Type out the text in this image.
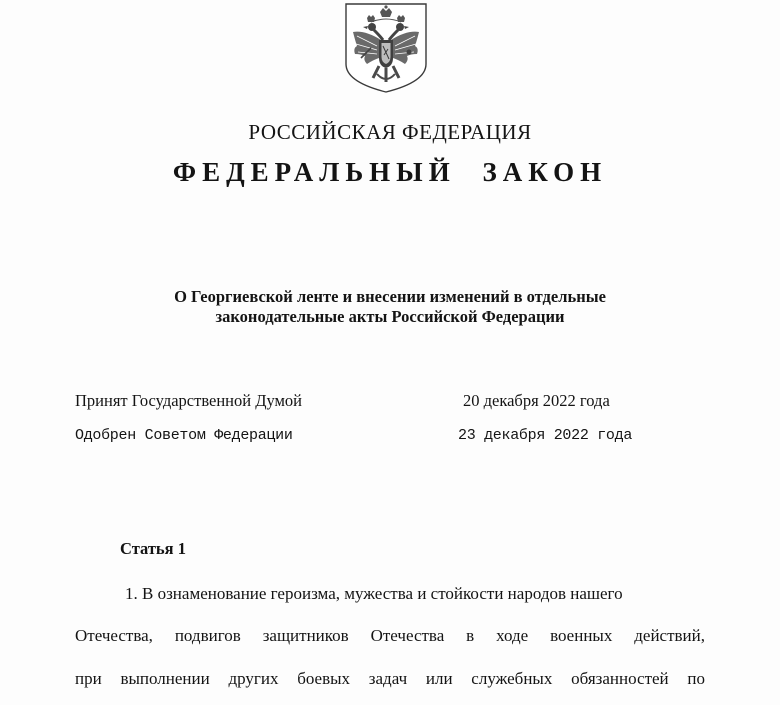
РОССИЙСКАЯ ФЕДЕРАЦИЯ
ФЕДЕРАЛЬНЫЙ ЗАКОН
О Георгиевской ленте и внесении изменений в отдельные
законодательные акты Российской Федерации
Принят Государственной Думой	20 декабря 2022 года
Одобрен Советом Федерации	23 декабря 2022 года
Статья 1
1. В ознаменование героизма, мужества и стойкости народов нашего
Отечества, подвигов защитников Отечества в ходе военных действий,
при выполнении других боевых задач или служебных обязанностей по
